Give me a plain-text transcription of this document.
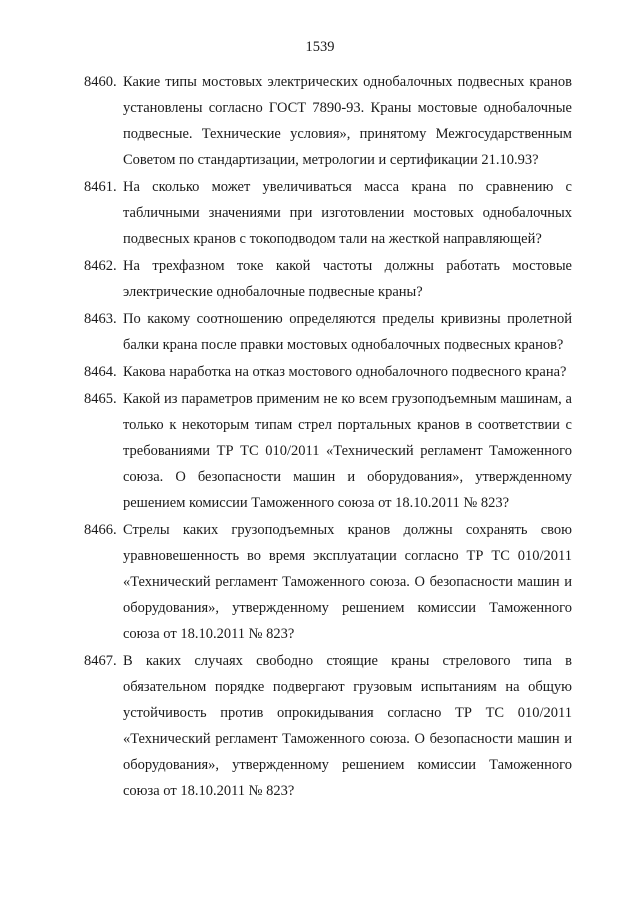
1539
8460. Какие типы мостовых электрических однобалочных подвесных кранов установлены согласно ГОСТ 7890-93. Краны мостовые однобалочные подвесные. Технические условия», принятому Межгосударственным Советом по стандартизации, метрологии и сертификации 21.10.93?
8461. На сколько может увеличиваться масса крана по сравнению с табличными значениями при изготовлении мостовых однобалочных подвесных кранов с токоподводом тали на жесткой направляющей?
8462. На трехфазном токе какой частоты должны работать мостовые электрические однобалочные подвесные краны?
8463. По какому соотношению определяются пределы кривизны пролетной балки крана после правки мостовых однобалочных подвесных кранов?
8464. Какова наработка на отказ мостового однобалочного подвесного крана?
8465. Какой из параметров применим не ко всем грузоподъемным машинам, а только к некоторым типам стрел портальных кранов в соответствии с требованиями ТР ТС 010/2011 «Технический регламент Таможенного союза. О безопасности машин и оборудования», утвержденному решением комиссии Таможенного союза от 18.10.2011 № 823?
8466. Стрелы каких грузоподъемных кранов должны сохранять свою уравновешенность во время эксплуатации согласно ТР ТС 010/2011 «Технический регламент Таможенного союза. О безопасности машин и оборудования», утвержденному решением комиссии Таможенного союза от 18.10.2011 № 823?
8467. В каких случаях свободно стоящие краны стрелового типа в обязательном порядке подвергают грузовым испытаниям на общую устойчивость против опрокидывания согласно ТР ТС 010/2011 «Технический регламент Таможенного союза. О безопасности машин и оборудования», утвержденному решением комиссии Таможенного союза от 18.10.2011 № 823?
